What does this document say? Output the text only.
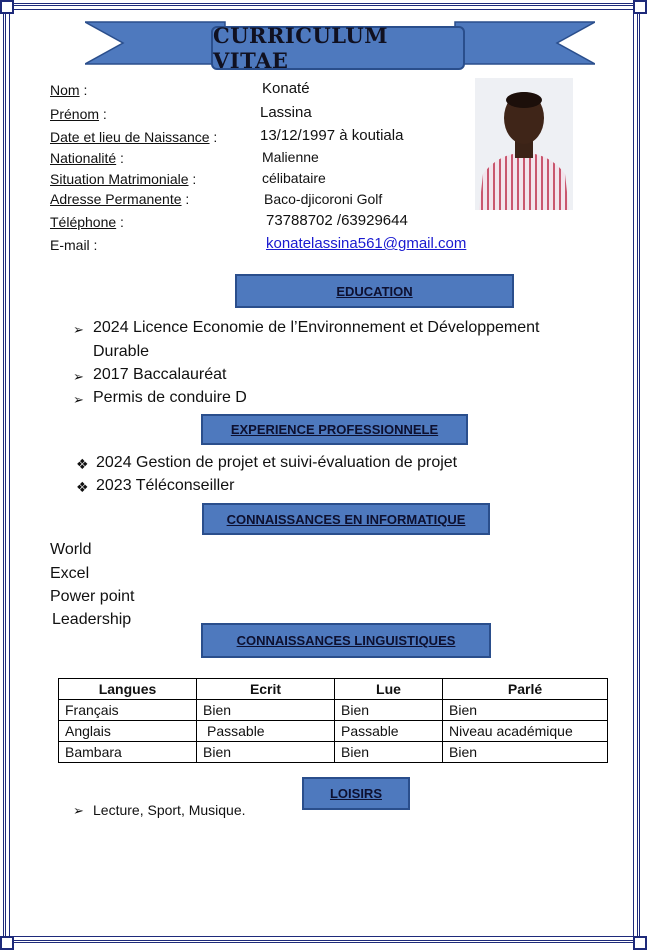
CURRICULUM VITAE
Nom :	Konaté
Prénom :	Lassina
Date et lieu de Naissance :	13/12/1997 à koutiala
Nationalité :	Malienne
Situation Matrimoniale :	célibataire
Adresse Permanente :	Baco-djicoroni Golf
Téléphone :	73788702 /63929644
E-mail :	konatelassina561@gmail.com
EDUCATION
➢ 2024 Licence Economie de l’Environnement et Développement
Durable
➢ 2017 Baccalauréat
➢ Permis de conduire D
EXPERIENCE PROFESSIONNELE
❖ 2024 Gestion de projet et suivi-évaluation de projet
❖ 2023 Téléconseiller
CONNAISSANCES EN INFORMATIQUE
World
Excel
Power point
Leadership
CONNAISSANCES LINGUISTIQUES
Langues	Ecrit	Lue	Parlé
Français	Bien	Bien	Bien
Anglais	Passable	Passable	Niveau académique
Bambara	Bien	Bien	Bien
LOISIRS
➢ Lecture, Sport, Musique.
